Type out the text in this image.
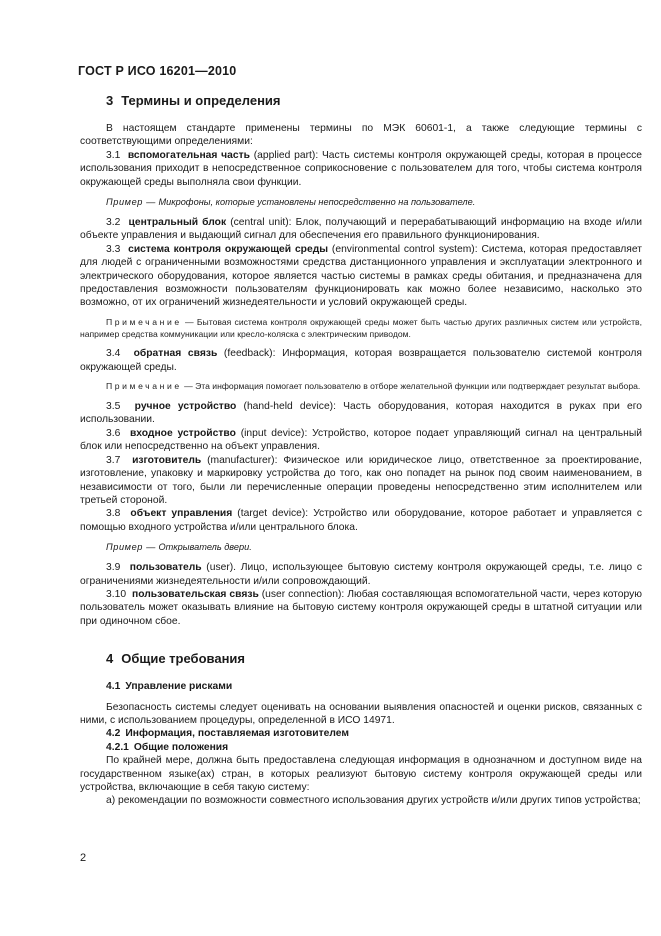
ГОСТ Р ИСО 16201—2010
3 Термины и определения

В настоящем стандарте применены термины по МЭК 60601-1, а также следующие термины с соответствующими определениями:

3.1 вспомогательная часть (applied part): Часть системы контроля окружающей среды, которая в процессе использования приходит в непосредственное соприкосновение с пользователем для того, чтобы система контроля окружающей среды выполняла свои функции.

Пример — Микрофоны, которые установлены непосредственно на пользователе.

3.2 центральный блок (central unit): Блок, получающий и перерабатывающий информацию на входе и/или объекте управления и выдающий сигнал для обеспечения его правильного функционирования.

3.3 система контроля окружающей среды (environmental control system): Система, которая предоставляет для людей с ограниченными возможностями средства дистанционного управления и эксплуатации электронного и электрического оборудования, которое является частью системы в рамках среды обитания, и предназначена для предоставления возможности пользователям функционировать как можно более независимо, насколько это возможно, от их ограничений жизнедеятельности и условий окружающей среды.

Примечание — Бытовая система контроля окружающей среды может быть частью других различных систем или устройств, например средства коммуникации или кресло-коляска с электрическим приводом.

3.4 обратная связь (feedback): Информация, которая возвращается пользователю системой контроля окружающей среды.

Примечание — Эта информация помогает пользователю в отборе желательной функции или подтверждает результат выбора.

3.5 ручное устройство (hand-held device): Часть оборудования, которая находится в руках при его использовании.

3.6 входное устройство (input device): Устройство, которое подает управляющий сигнал на центральный блок или непосредственно на объект управления.

3.7 изготовитель (manufacturer): Физическое или юридическое лицо, ответственное за проектирование, изготовление, упаковку и маркировку устройства до того, как оно попадет на рынок под своим наименованием, в независимости от того, были ли перечисленные операции проведены непосредственно этим исполнителем или третьей стороной.

3.8 объект управления (target device): Устройство или оборудование, которое работает и управляется с помощью входного устройства и/или центрального блока.

Пример — Открыватель двери.

3.9 пользователь (user). Лицо, использующее бытовую систему контроля окружающей среды, т.е. лицо с ограничениями жизнедеятельности и/или сопровождающий.

3.10 пользовательская связь (user connection): Любая составляющая вспомогательной части, через которую пользователь может оказывать влияние на бытовую систему контроля окружающей среды в штатной ситуации или при одиночном сбое.

4 Общие требования
4.1 Управление рисками

Безопасность системы следует оценивать на основании выявления опасностей и оценки рисков, связанных с ними, с использованием процедуры, определенной в ИСО 14971.

4.2 Информация, поставляемая изготовителем
4.2.1 Общие положения

По крайней мере, должна быть предоставлена следующая информация в однозначном и доступном виде на государственном языке(ах) стран, в которых реализуют бытовую систему контроля окружающей среды или устройства, включающие в себя такую систему:

а) рекомендации по возможности совместного использования других устройств и/или других типов устройства;

2
